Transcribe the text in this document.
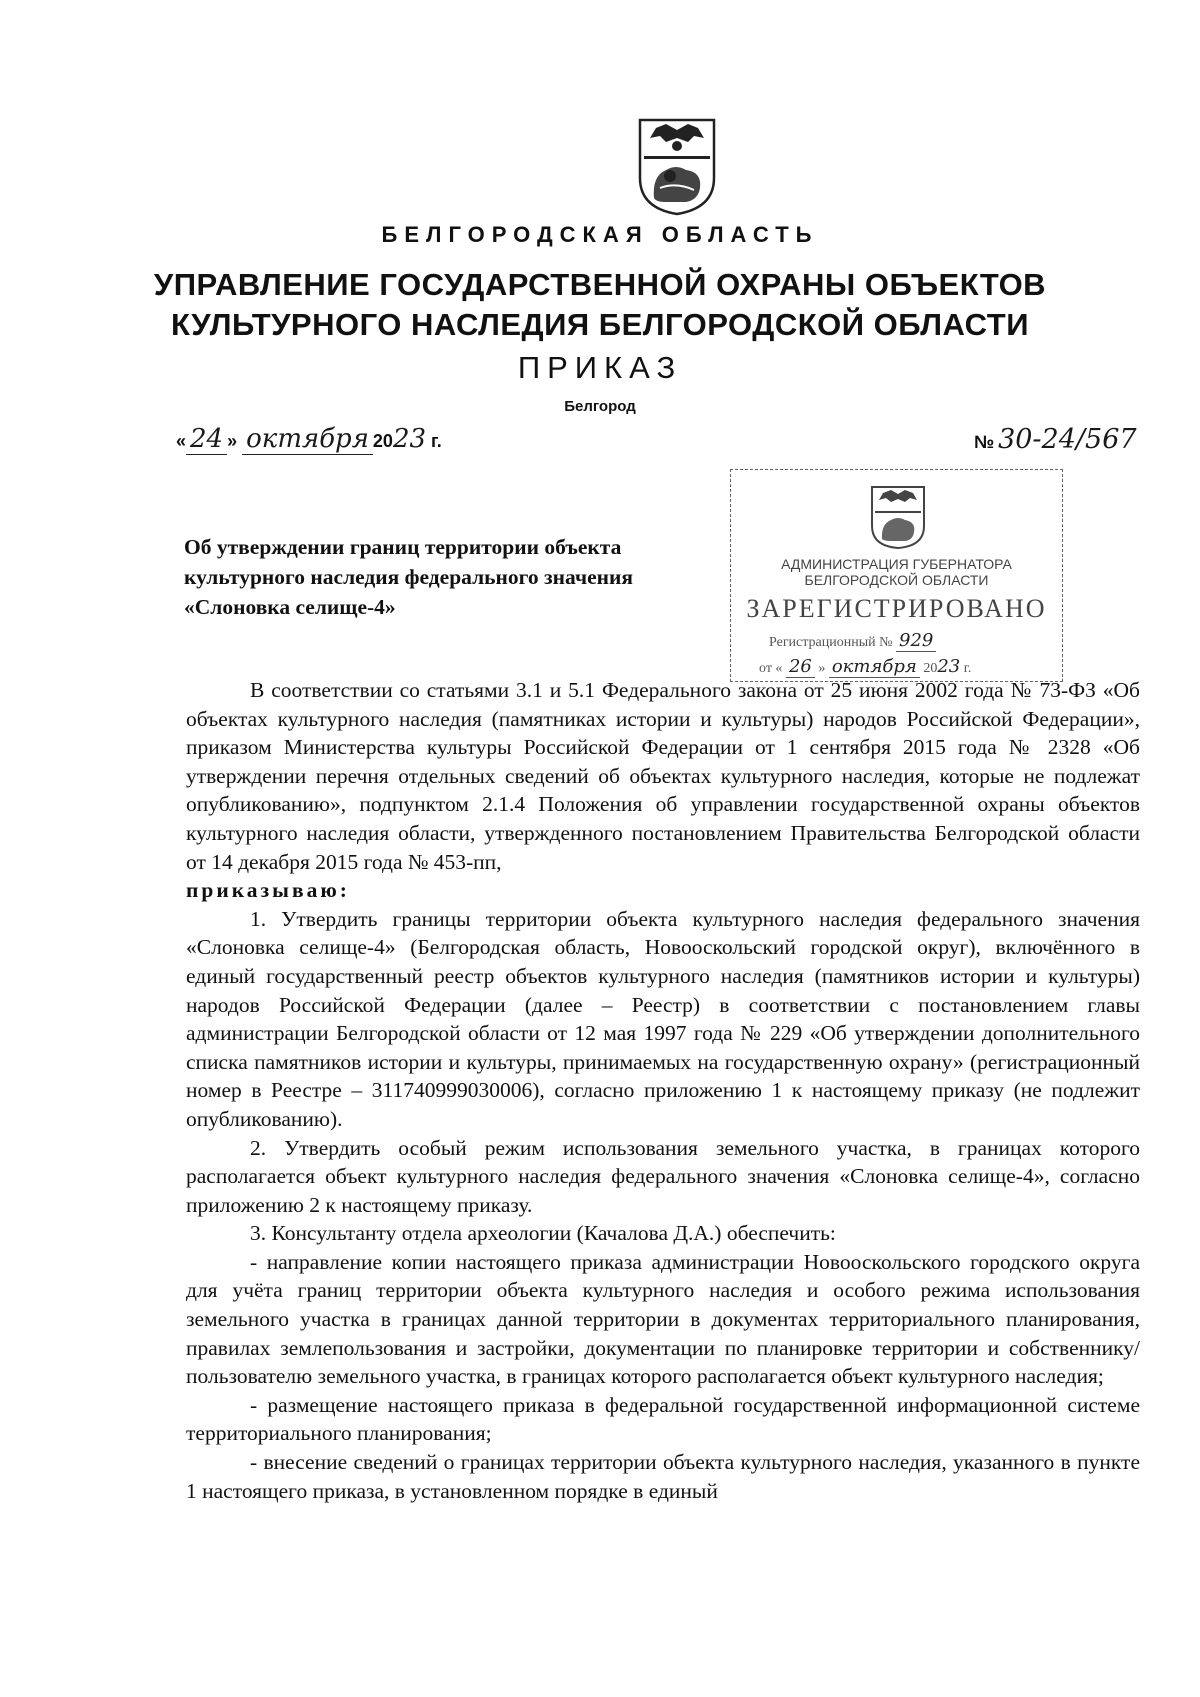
БЕЛГОРОДСКАЯ ОБЛАСТЬ
УПРАВЛЕНИЕ ГОСУДАРСТВЕННОЙ ОХРАНЫ ОБЪЕКТОВ
КУЛЬТУРНОГО НАСЛЕДИЯ БЕЛГОРОДСКОЙ ОБЛАСТИ
ПРИКАЗ
Белгород
« 24 » октября 2023 г.	№ 30-24/567
АДМИНИСТРАЦИЯ ГУБЕРНАТОРА
БЕЛГОРОДСКОЙ ОБЛАСТИ
ЗАРЕГИСТРИРОВАНО
Регистрационный № 929
от « 26 » октября 2023 г.
Об утверждении границ территории объекта культурного наследия федерального значения «Слоновка селище-4»

В соответствии со статьями 3.1 и 5.1 Федерального закона от 25 июня 2002 года № 73-ФЗ «Об объектах культурного наследия (памятниках истории и культуры) народов Российской Федерации», приказом Министерства культуры Российской Федерации от 1 сентября 2015 года № 2328 «Об утверждении перечня отдельных сведений об объектах культурного наследия, которые не подлежат опубликованию», подпунктом 2.1.4 Положения об управлении государственной охраны объектов культурного наследия области, утвержденного постановлением Правительства Белгородской области от 14 декабря 2015 года № 453-пп,

приказываю:

1. Утвердить границы территории объекта культурного наследия федерального значения «Слоновка селище-4» (Белгородская область, Новооскольский городской округ), включённого в единый государственный реестр объектов культурного наследия (памятников истории и культуры) народов Российской Федерации (далее – Реестр) в соответствии с постановлением главы администрации Белгородской области от 12 мая 1997 года № 229 «Об утверждении дополнительного списка памятников истории и культуры, принимаемых на государственную охрану» (регистрационный номер в Реестре – 311740999030006), согласно приложению 1 к настоящему приказу (не подлежит опубликованию).

2. Утвердить особый режим использования земельного участка, в границах которого располагается объект культурного наследия федерального значения «Слоновка селище-4», согласно приложению 2 к настоящему приказу.

3. Консультанту отдела археологии (Качалова Д.А.) обеспечить:

- направление копии настоящего приказа администрации Новооскольского городского округа для учёта границ территории объекта культурного наследия и особого режима использования земельного участка в границах данной территории в документах территориального планирования, правилах землепользования и застройки, документации по планировке территории и собственнику/пользователю земельного участка, в границах которого располагается объект культурного наследия;

- размещение настоящего приказа в федеральной государственной информационной системе территориального планирования;

- внесение сведений о границах территории объекта культурного наследия, указанного в пункте 1 настоящего приказа, в установленном порядке в единый
